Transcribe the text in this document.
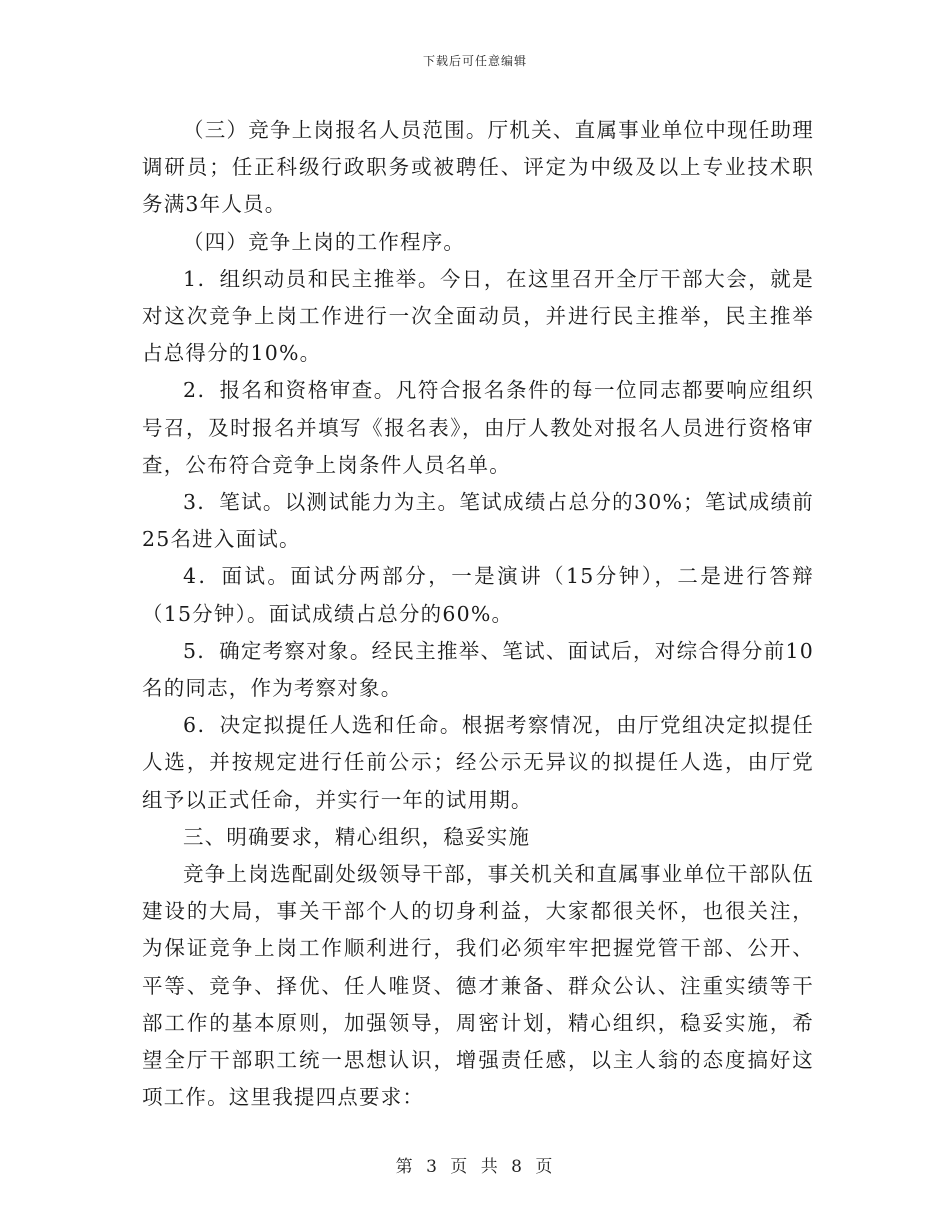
下载后可任意编辑

（三）竞争上岗报名人员范围。厅机关、直属事业单位中现任助理调研员；任正科级行政职务或被聘任、评定为中级及以上专业技术职务满3年人员。

（四）竞争上岗的工作程序。

1．组织动员和民主推举。今日，在这里召开全厅干部大会，就是对这次竞争上岗工作进行一次全面动员，并进行民主推举，民主推举占总得分的10%。

2．报名和资格审查。凡符合报名条件的每一位同志都要响应组织号召，及时报名并填写《报名表》，由厅人教处对报名人员进行资格审查，公布符合竞争上岗条件人员名单。

3．笔试。以测试能力为主。笔试成绩占总分的30%；笔试成绩前25名进入面试。

4．面试。面试分两部分，一是演讲（15分钟），二是进行答辩（15分钟）。面试成绩占总分的60%。

5．确定考察对象。经民主推举、笔试、面试后，对综合得分前10名的同志，作为考察对象。

6．决定拟提任人选和任命。根据考察情况，由厅党组决定拟提任人选，并按规定进行任前公示；经公示无异议的拟提任人选，由厅党组予以正式任命，并实行一年的试用期。

三、明确要求，精心组织，稳妥实施

竞争上岗选配副处级领导干部，事关机关和直属事业单位干部队伍建设的大局，事关干部个人的切身利益，大家都很关怀，也很关注，为保证竞争上岗工作顺利进行，我们必须牢牢把握党管干部、公开、平等、竞争、择优、任人唯贤、德才兼备、群众公认、注重实绩等干部工作的基本原则，加强领导，周密计划，精心组织，稳妥实施，希望全厅干部职工统一思想认识，增强责任感，以主人翁的态度搞好这项工作。这里我提四点要求：

第 3 页 共 8 页
